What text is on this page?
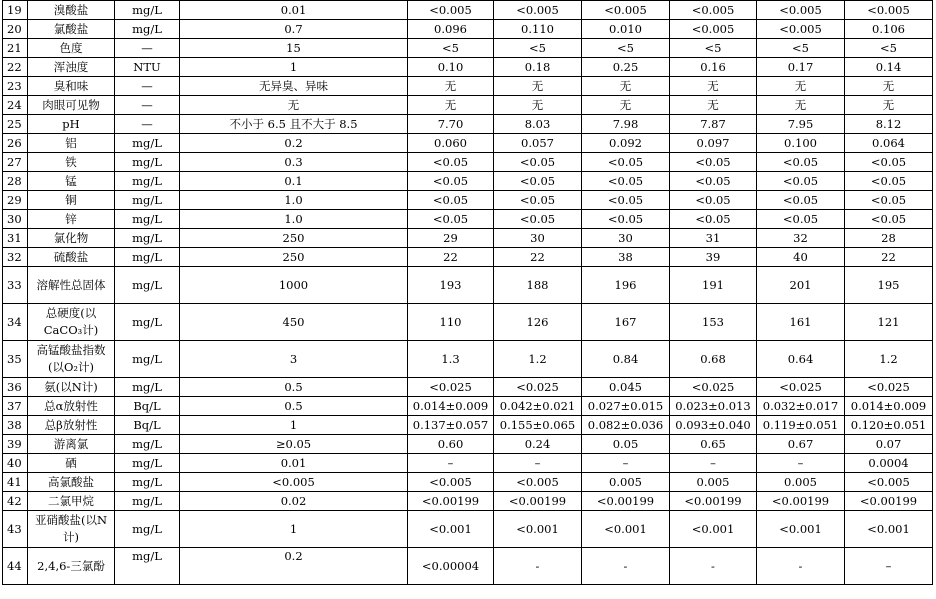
19	溴酸盐	mg/L	0.01	<0.005	<0.005	<0.005	<0.005	<0.005	<0.005
20	氯酸盐	mg/L	0.7	0.096	0.110	0.010	<0.005	<0.005	0.106
21	色度	—	15	<5	<5	<5	<5	<5	<5
22	浑浊度	NTU	1	0.10	0.18	0.25	0.16	0.17	0.14
23	臭和味	—	无异臭、异味	无	无	无	无	无	无
24	肉眼可见物	—	无	无	无	无	无	无	无
25	pH	—	不小于 6.5 且不大于 8.5	7.70	8.03	7.98	7.87	7.95	8.12
26	铝	mg/L	0.2	0.060	0.057	0.092	0.097	0.100	0.064
27	铁	mg/L	0.3	<0.05	<0.05	<0.05	<0.05	<0.05	<0.05
28	锰	mg/L	0.1	<0.05	<0.05	<0.05	<0.05	<0.05	<0.05
29	铜	mg/L	1.0	<0.05	<0.05	<0.05	<0.05	<0.05	<0.05
30	锌	mg/L	1.0	<0.05	<0.05	<0.05	<0.05	<0.05	<0.05
31	氯化物	mg/L	250	29	30	30	31	32	28
32	硫酸盐	mg/L	250	22	22	38	39	40	22
33	溶解性总固体	mg/L	1000	193	188	196	191	201	195
34	总硬度(以CaCO₃计)	mg/L	450	110	126	167	153	161	121
35	高锰酸盐指数(以O₂计)	mg/L	3	1.3	1.2	0.84	0.68	0.64	1.2
36	氨(以N计)	mg/L	0.5	<0.025	<0.025	0.045	<0.025	<0.025	<0.025
37	总α放射性	Bq/L	0.5	0.014±0.009	0.042±0.021	0.027±0.015	0.023±0.013	0.032±0.017	0.014±0.009
38	总β放射性	Bq/L	1	0.137±0.057	0.155±0.065	0.082±0.036	0.093±0.040	0.119±0.051	0.120±0.051
39	游离氯	mg/L	≥0.05	0.60	0.24	0.05	0.65	0.67	0.07
40	硒	mg/L	0.01	–	–	–	–	–	0.0004
41	高氯酸盐	mg/L	<0.005	<0.005	<0.005	0.005	0.005	0.005	<0.005
42	二氯甲烷	mg/L	0.02	<0.00199	<0.00199	<0.00199	<0.00199	<0.00199	<0.00199
43	亚硝酸盐(以N计)	mg/L	1	<0.001	<0.001	<0.001	<0.001	<0.001	<0.001
44	2,4,6-三氯酚	mg/L	0.2	<0.00004	-	-	-	-	–
